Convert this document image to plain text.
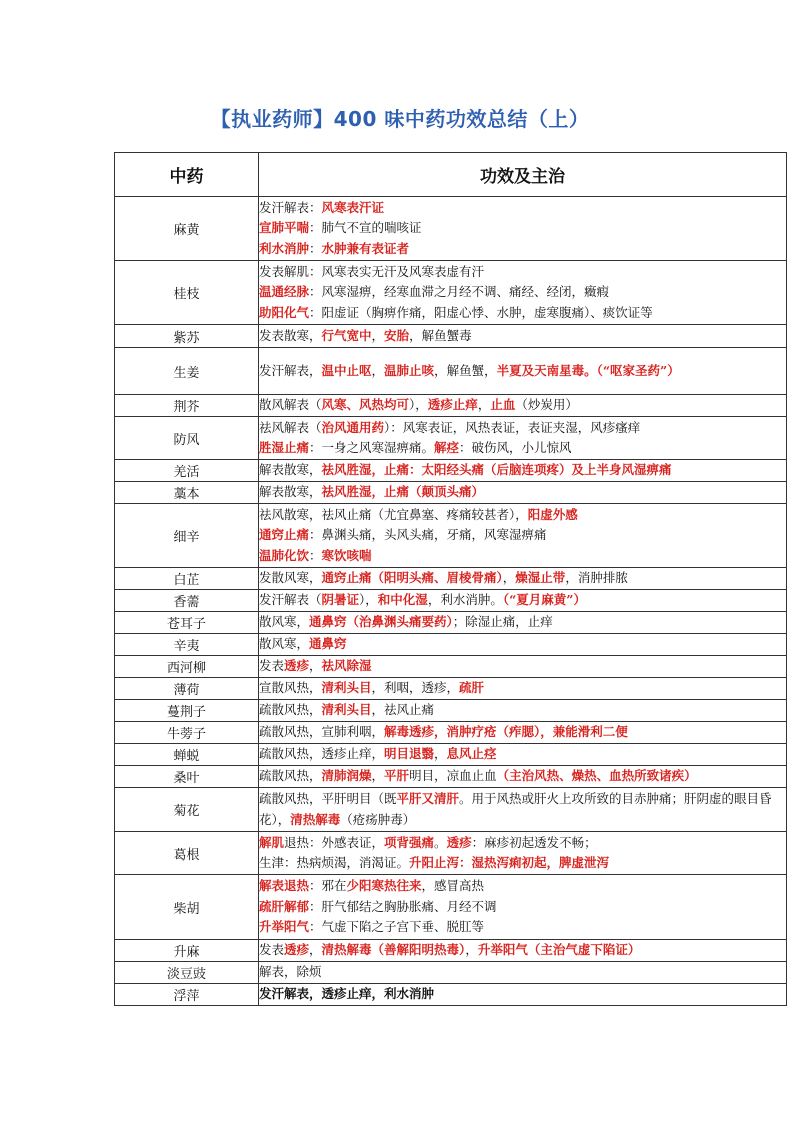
【执业药师】400 味中药功效总结（上）
中药	功效及主治
麻黄	发汗解表：风寒表汗证
宣肺平喘：肺气不宣的喘咳证
利水消肿：水肿兼有表证者

桂枝	发表解肌：风寒表实无汗及风寒表虚有汗
温通经脉：风寒湿痹，经寒血滞之月经不调、痛经、经闭，癥瘕
助阳化气：阳虚证（胸痹作痛，阳虚心悸、水肿，虚寒腹痛）、痰饮证等

紫苏	发表散寒，行气宽中，安胎，解鱼蟹毒

生姜	发汗解表，温中止呕，温肺止咳，解鱼蟹，半夏及天南星毒。（“呕家圣药”）

荆芥	散风解表（风寒、风热均可），透疹止痒，止血（炒炭用）

防风	祛风解表（治风通用药）：风寒表证，风热表证，表证夹湿，风疹瘙痒
胜湿止痛：一身之风寒湿痹痛。解痉：破伤风，小儿惊风

羌活	解表散寒，祛风胜湿，止痛：太阳经头痛（后脑连项疼）及上半身风湿痹痛

藁本	解表散寒，祛风胜湿，止痛（颠顶头痛）

细辛	祛风散寒，祛风止痛（尤宜鼻塞、疼痛较甚者），阳虚外感
通窍止痛：鼻渊头痛，头风头痛，牙痛，风寒湿痹痛
温肺化饮：寒饮咳喘

白芷	发散风寒，通窍止痛（阳明头痛、眉棱骨痛），燥湿止带，消肿排脓

香薷	发汗解表（阴暑证），和中化湿，利水消肿。（“夏月麻黄”）

苍耳子	散风寒，通鼻窍（治鼻渊头痛要药）；除湿止痛，止痒

辛夷	散风寒，通鼻窍

西河柳	发表透疹，祛风除湿

薄荷	宣散风热，清利头目，利咽，透疹，疏肝

蔓荆子	疏散风热，清利头目，祛风止痛

牛蒡子	疏散风热，宣肺利咽，解毒透疹，消肿疗疮（痄腮），兼能滑利二便

蝉蜕	疏散风热，透疹止痒，明目退翳，息风止痉

桑叶	疏散风热，清肺润燥，平肝明目，凉血止血（主治风热、燥热、血热所致诸疾）

菊花	疏散风热，平肝明目（既平肝又清肝。用于风热或肝火上攻所致的目赤肿痛；肝阴虚的眼目昏花），清热解毒（疮疡肿毒）

葛根	解肌退热：外感表证，项背强痛。透疹：麻疹初起透发不畅；
生津：热病烦渴，消渴证。升阳止泻：湿热泻痢初起，脾虚泄泻

柴胡	解表退热：邪在少阳寒热往来，感冒高热
疏肝解郁：肝气郁结之胸胁胀痛、月经不调
升举阳气：气虚下陷之子宫下垂、脱肛等

升麻	发表透疹，清热解毒（善解阳明热毒），升举阳气（主治气虚下陷证）

淡豆豉	解表，除烦

浮萍	发汗解表，透疹止痒，利水消肿
